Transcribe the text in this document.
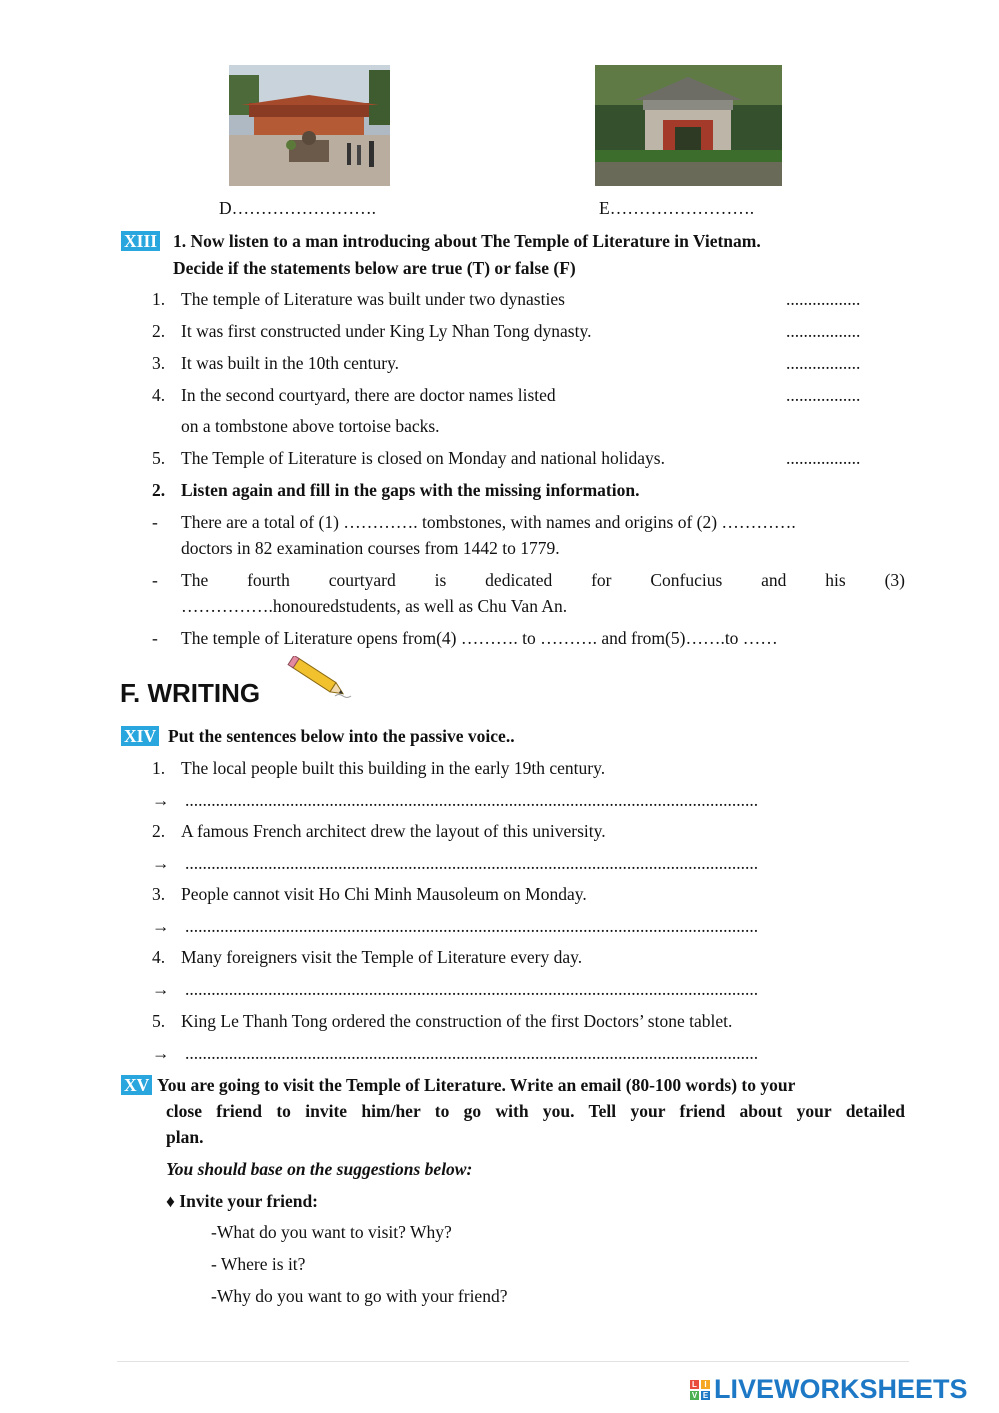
D…………………….	E…………………….
XIII 1. Now listen to a man introducing about The Temple of Literature in Vietnam.
Decide if the statements below are true (T) or false (F)
1. The temple of Literature was built under two dynasties	.................
2. It was first constructed under King Ly Nhan Tong dynasty.	.................
3. It was built in the 10th century.	.................
4. In the second courtyard, there are doctor names listed
on a tombstone above tortoise backs.
.................
5. The Temple of Literature is closed on Monday and national holidays.	.................
2. Listen again and fill in the gaps with the missing information.
- There are a total of (1) …………. tombstones, with names and origins of (2) ………….
doctors in 82 examination courses from 1442 to 1779.
- The fourth courtyard is dedicated for Confucius and his (3)
…………….honouredstudents, as well as Chu Van An.
- The temple of Literature opens from(4) ………. to ………. and from(5)…….to ……
F. WRITING
XIV Put the sentences below into the passive voice..
1. The local people built this building in the early 19th century.
→ ...................................................................................................................................
2. A famous French architect drew the layout of this university.
→ ...................................................................................................................................
3. People cannot visit Ho Chi Minh Mausoleum on Monday.
→ ...................................................................................................................................
4. Many foreigners visit the Temple of Literature every day.
→ ...................................................................................................................................
5. King Le Thanh Tong ordered the construction of the first Doctors’ stone tablet.
→ ...................................................................................................................................
XV You are going to visit the Temple of Literature. Write an email (80-100 words) to your
close friend to invite him/her to go with you. Tell your friend about your detailed
plan.
You should base on the suggestions below:
♦ Invite your friend:
-What do you want to visit? Why?
- Where is it?
-Why do you want to go with your friend?
L I
V E LIVEWORKSHEETS
